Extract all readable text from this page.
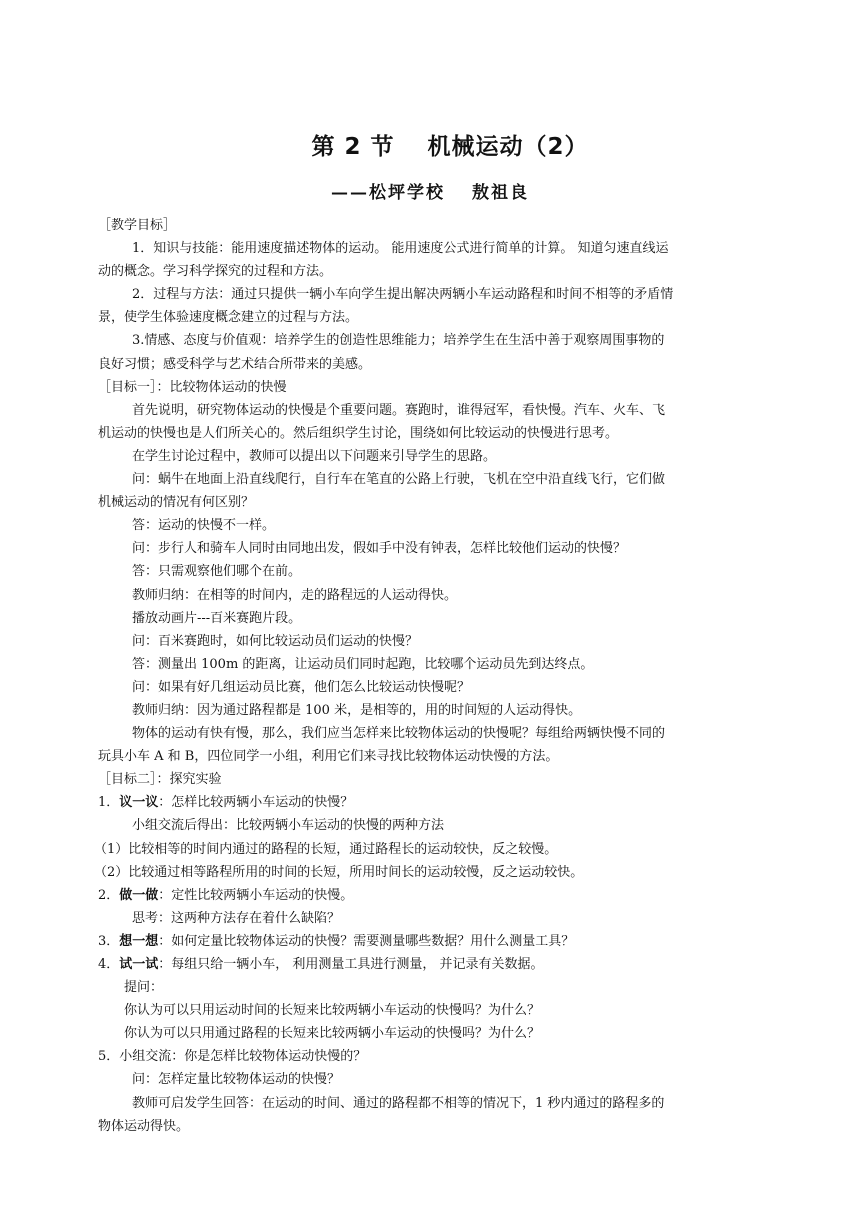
第 2 节　 机械运动（2）
——松坪学校　 敖祖良

［教学目标］

1．知识与技能：能用速度描述物体的运动。 能用速度公式进行简单的计算。 知道匀速直线运

动的概念。学习科学探究的过程和方法。

2．过程与方法：通过只提供一辆小车向学生提出解决两辆小车运动路程和时间不相等的矛盾情

景，使学生体验速度概念建立的过程与方法。

3.情感、态度与价值观：培养学生的创造性思维能力；培养学生在生活中善于观察周围事物的

良好习惯；感受科学与艺术结合所带来的美感。

［目标一］：比较物体运动的快慢

首先说明，研究物体运动的快慢是个重要问题。赛跑时，谁得冠军，看快慢。汽车、火车、飞

机运动的快慢也是人们所关心的。然后组织学生讨论，围绕如何比较运动的快慢进行思考。

在学生讨论过程中，教师可以提出以下问题来引导学生的思路。

问：蜗牛在地面上沿直线爬行，自行车在笔直的公路上行驶，飞机在空中沿直线飞行，它们做

机械运动的情况有何区别？

答：运动的快慢不一样。

问：步行人和骑车人同时由同地出发，假如手中没有钟表，怎样比较他们运动的快慢？

答：只需观察他们哪个在前。

教师归纳：在相等的时间内，走的路程远的人运动得快。

播放动画片---百米赛跑片段。

问：百米赛跑时，如何比较运动员们运动的快慢？

答：测量出 100m 的距离，让运动员们同时起跑，比较哪个运动员先到达终点。

问：如果有好几组运动员比赛，他们怎么比较运动快慢呢？

教师归纳：因为通过路程都是 100 米，是相等的，用的时间短的人运动得快。

物体的运动有快有慢，那么，我们应当怎样来比较物体运动的快慢呢？每组给两辆快慢不同的

玩具小车 A 和 B，四位同学一小组，利用它们来寻找比较物体运动快慢的方法。

［目标二］：探究实验

1．议一议：怎样比较两辆小车运动的快慢？

小组交流后得出：比较两辆小车运动的快慢的两种方法

（1）比较相等的时间内通过的路程的长短，通过路程长的运动较快，反之较慢。

（2）比较通过相等路程所用的时间的长短，所用时间长的运动较慢，反之运动较快。

2．做一做：定性比较两辆小车运动的快慢。

思考：这两种方法存在着什么缺陷？

3．想一想：如何定量比较物体运动的快慢？需要测量哪些数据？用什么测量工具？

4．试一试：每组只给一辆小车， 利用测量工具进行测量， 并记录有关数据。

提问：

你认为可以只用运动时间的长短来比较两辆小车运动的快慢吗？为什么？

你认为可以只用通过路程的长短来比较两辆小车运动的快慢吗？为什么？

5．小组交流：你是怎样比较物体运动快慢的？

问：怎样定量比较物体运动的快慢？

教师可启发学生回答：在运动的时间、通过的路程都不相等的情况下，1 秒内通过的路程多的

物体运动得快。
